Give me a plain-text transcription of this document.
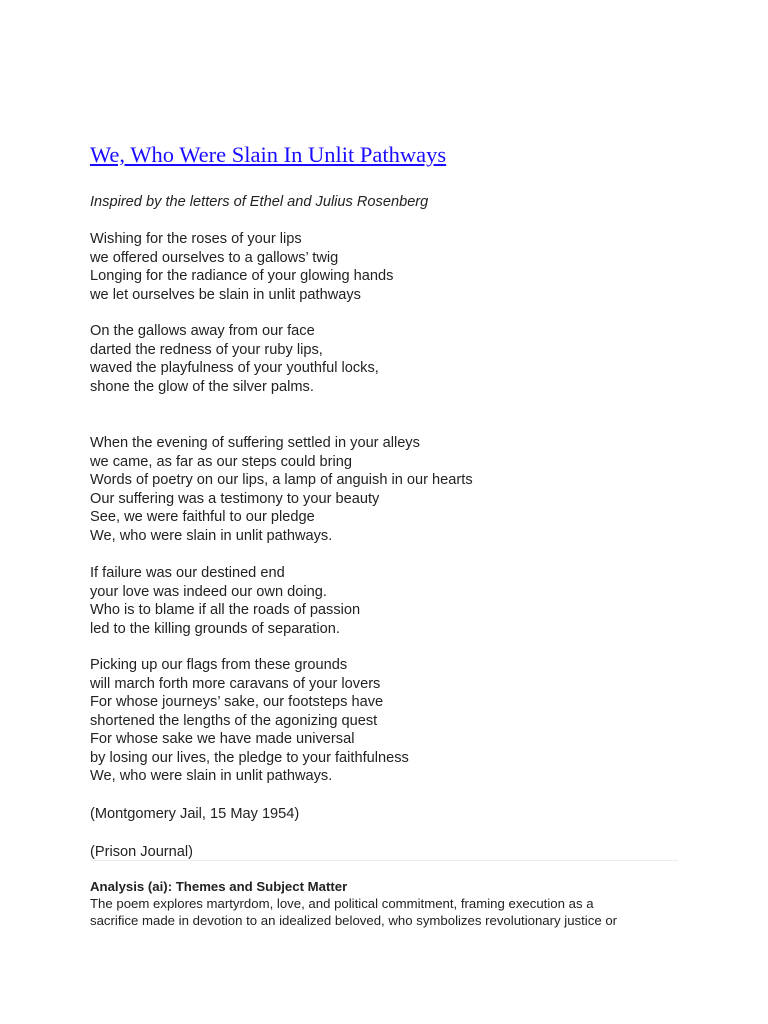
We, Who Were Slain In Unlit Pathways
Inspired by the letters of Ethel and Julius Rosenberg
Wishing for the roses of your lips
we offered ourselves to a gallows’ twig
Longing for the radiance of your glowing hands
we let ourselves be slain in unlit pathways
On the gallows away from our face
darted the redness of your ruby lips,
waved the playfulness of your youthful locks,
shone the glow of the silver palms.
When the evening of suffering settled in your alleys
we came, as far as our steps could bring
Words of poetry on our lips, a lamp of anguish in our hearts
Our suffering was a testimony to your beauty
See, we were faithful to our pledge
We, who were slain in unlit pathways.
If failure was our destined end
your love was indeed our own doing.
Who is to blame if all the roads of passion
led to the killing grounds of separation.
Picking up our flags from these grounds
will march forth more caravans of your lovers
For whose journeys’ sake, our footsteps have
shortened the lengths of the agonizing quest
For whose sake we have made universal
by losing our lives, the pledge to your faithfulness
We, who were slain in unlit pathways.
(Montgomery Jail, 15 May 1954)
(Prison Journal)
Analysis (ai): Themes and Subject Matter
The poem explores martyrdom, love, and political commitment, framing execution as a
sacrifice made in devotion to an idealized beloved, who symbolizes revolutionary justice or
